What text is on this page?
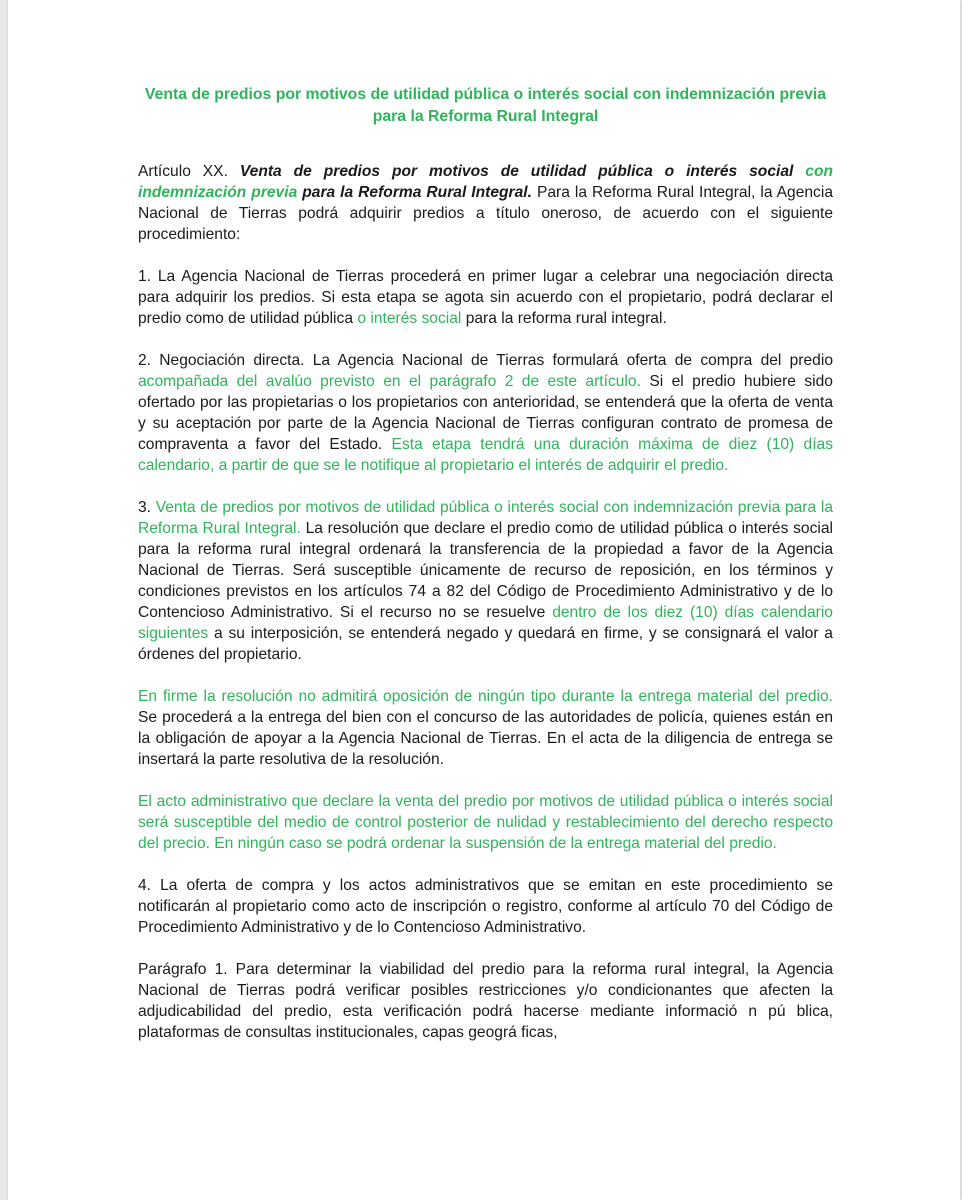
Venta de predios por motivos de utilidad pública o interés social con indemnización previa para la Reforma Rural Integral

Artículo XX. Venta de predios por motivos de utilidad pública o interés social con indemnización previa para la Reforma Rural Integral. Para la Reforma Rural Integral, la Agencia Nacional de Tierras podrá adquirir predios a título oneroso, de acuerdo con el siguiente procedimiento:

1. La Agencia Nacional de Tierras procederá en primer lugar a celebrar una negociación directa para adquirir los predios. Si esta etapa se agota sin acuerdo con el propietario, podrá declarar el predio como de utilidad pública o interés social para la reforma rural integral.

2. Negociación directa. La Agencia Nacional de Tierras formulará oferta de compra del predio acompañada del avalúo previsto en el parágrafo 2 de este artículo. Si el predio hubiere sido ofertado por las propietarias o los propietarios con anterioridad, se entenderá que la oferta de venta y su aceptación por parte de la Agencia Nacional de Tierras configuran contrato de promesa de compraventa a favor del Estado. Esta etapa tendrá una duración máxima de diez (10) días calendario, a partir de que se le notifique al propietario el interés de adquirir el predio.

3. Venta de predios por motivos de utilidad pública o interés social con indemnización previa para la Reforma Rural Integral. La resolución que declare el predio como de utilidad pública o interés social para la reforma rural integral ordenará la transferencia de la propiedad a favor de la Agencia Nacional de Tierras. Será susceptible únicamente de recurso de reposición, en los términos y condiciones previstos en los artículos 74 a 82 del Código de Procedimiento Administrativo y de lo Contencioso Administrativo. Si el recurso no se resuelve dentro de los diez (10) días calendario siguientes a su interposición, se entenderá negado y quedará en firme, y se consignará el valor a órdenes del propietario.

En firme la resolución no admitirá oposición de ningún tipo durante la entrega material del predio. Se procederá a la entrega del bien con el concurso de las autoridades de policía, quienes están en la obligación de apoyar a la Agencia Nacional de Tierras. En el acta de la diligencia de entrega se insertará la parte resolutiva de la resolución.

El acto administrativo que declare la venta del predio por motivos de utilidad pública o interés social será susceptible del medio de control posterior de nulidad y restablecimiento del derecho respecto del precio. En ningún caso se podrá ordenar la suspensión de la entrega material del predio.

4. La oferta de compra y los actos administrativos que se emitan en este procedimiento se notificarán al propietario como acto de inscripción o registro, conforme al artículo 70 del Código de Procedimiento Administrativo y de lo Contencioso Administrativo.

Parágrafo 1. Para determinar la viabilidad del predio para la reforma rural integral, la Agencia Nacional de Tierras podrá verificar posibles restricciones y/o condicionantes que afecten la adjudicabilidad del predio, esta verificación podrá hacerse mediante informació n pú blica, plataformas de consultas institucionales, capas geográ ficas,
